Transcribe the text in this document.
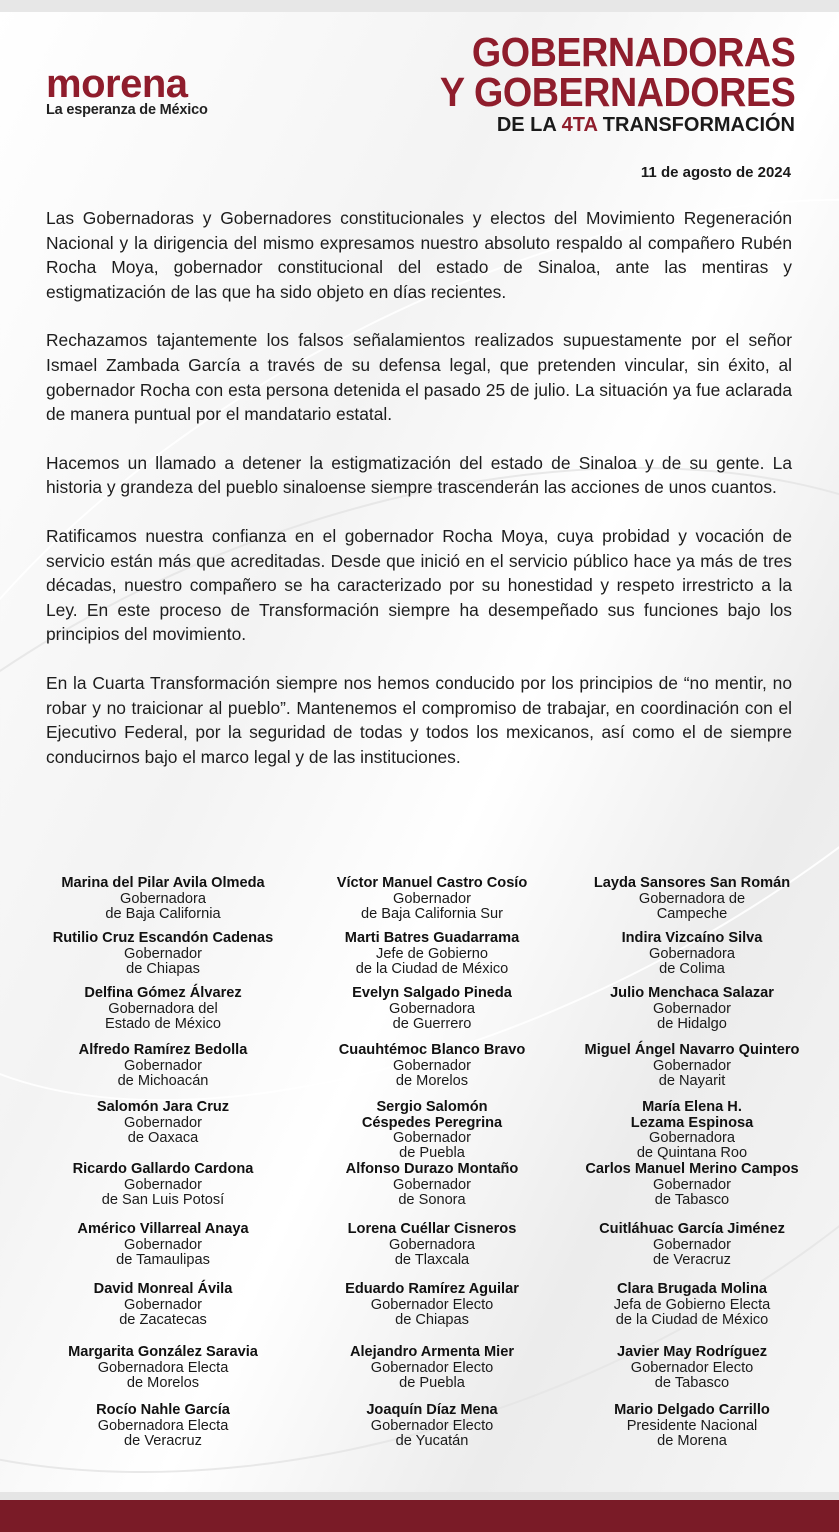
morena
La esperanza de México
GOBERNADORAS
Y GOBERNADORES
DE LA 4TA TRANSFORMACIÓN
11 de agosto de 2024

Las Gobernadoras y Gobernadores constitucionales y electos del Movimiento Regeneración Nacional y la dirigencia del mismo expresamos nuestro absoluto respaldo al compañero Rubén Rocha Moya, gobernador constitucional del estado de Sinaloa, ante las mentiras y estigmatización de las que ha sido objeto en días recientes.

Rechazamos tajantemente los falsos señalamientos realizados supuestamente por el señor Ismael Zambada García a través de su defensa legal, que pretenden vincular, sin éxito, al gobernador Rocha con esta persona detenida el pasado 25 de julio. La situación ya fue aclarada de manera puntual por el mandatario estatal.

Hacemos un llamado a detener la estigmatización del estado de Sinaloa y de su gente. La historia y grandeza del pueblo sinaloense siempre trascenderán las acciones de unos cuantos.

Ratificamos nuestra confianza en el gobernador Rocha Moya, cuya probidad y vocación de servicio están más que acreditadas. Desde que inició en el servicio público hace ya más de tres décadas, nuestro compañero se ha caracterizado por su honestidad y respeto irrestricto a la Ley. En este proceso de Transformación siempre ha desempeñado sus funciones bajo los principios del movimiento.

En la Cuarta Transformación siempre nos hemos conducido por los principios de “no mentir, no robar y no traicionar al pueblo”. Mantenemos el compromiso de trabajar, en coordinación con el Ejecutivo Federal, por la seguridad de todas y todos los mexicanos, así como el de siempre conducirnos bajo el marco legal y de las instituciones.

Marina del Pilar Avila Olmeda
Gobernadora
de Baja California
Víctor Manuel Castro Cosío
Gobernador
de Baja California Sur
Layda Sansores San Román
Gobernadora de
Campeche
Rutilio Cruz Escandón Cadenas
Gobernador
de Chiapas
Marti Batres Guadarrama
Jefe de Gobierno
de la Ciudad de México
Indira Vizcaíno Silva
Gobernadora
de Colima
Delfina Gómez Álvarez
Gobernadora del
Estado de México
Evelyn Salgado Pineda
Gobernadora
de Guerrero
Julio Menchaca Salazar
Gobernador
de Hidalgo
Alfredo Ramírez Bedolla
Gobernador
de Michoacán
Cuauhtémoc Blanco Bravo
Gobernador
de Morelos
Miguel Ángel Navarro Quintero
Gobernador
de Nayarit
Salomón Jara Cruz
Gobernador
de Oaxaca
Sergio Salomón
Céspedes Peregrina
Gobernador
de Puebla
María Elena H.
Lezama Espinosa
Gobernadora
de Quintana Roo
Ricardo Gallardo Cardona
Gobernador
de San Luis Potosí
Alfonso Durazo Montaño
Gobernador
de Sonora
Carlos Manuel Merino Campos
Gobernador
de Tabasco
Américo Villarreal Anaya
Gobernador
de Tamaulipas
Lorena Cuéllar Cisneros
Gobernadora
de Tlaxcala
Cuitláhuac García Jiménez
Gobernador
de Veracruz
David Monreal Ávila
Gobernador
de Zacatecas
Eduardo Ramírez Aguilar
Gobernador Electo
de Chiapas
Clara Brugada Molina
Jefa de Gobierno Electa
de la Ciudad de México
Margarita González Saravia
Gobernadora Electa
de Morelos
Alejandro Armenta Mier
Gobernador Electo
de Puebla
Javier May Rodríguez
Gobernador Electo
de Tabasco
Rocío Nahle García
Gobernadora Electa
de Veracruz
Joaquín Díaz Mena
Gobernador Electo
de Yucatán
Mario Delgado Carrillo
Presidente Nacional
de Morena
